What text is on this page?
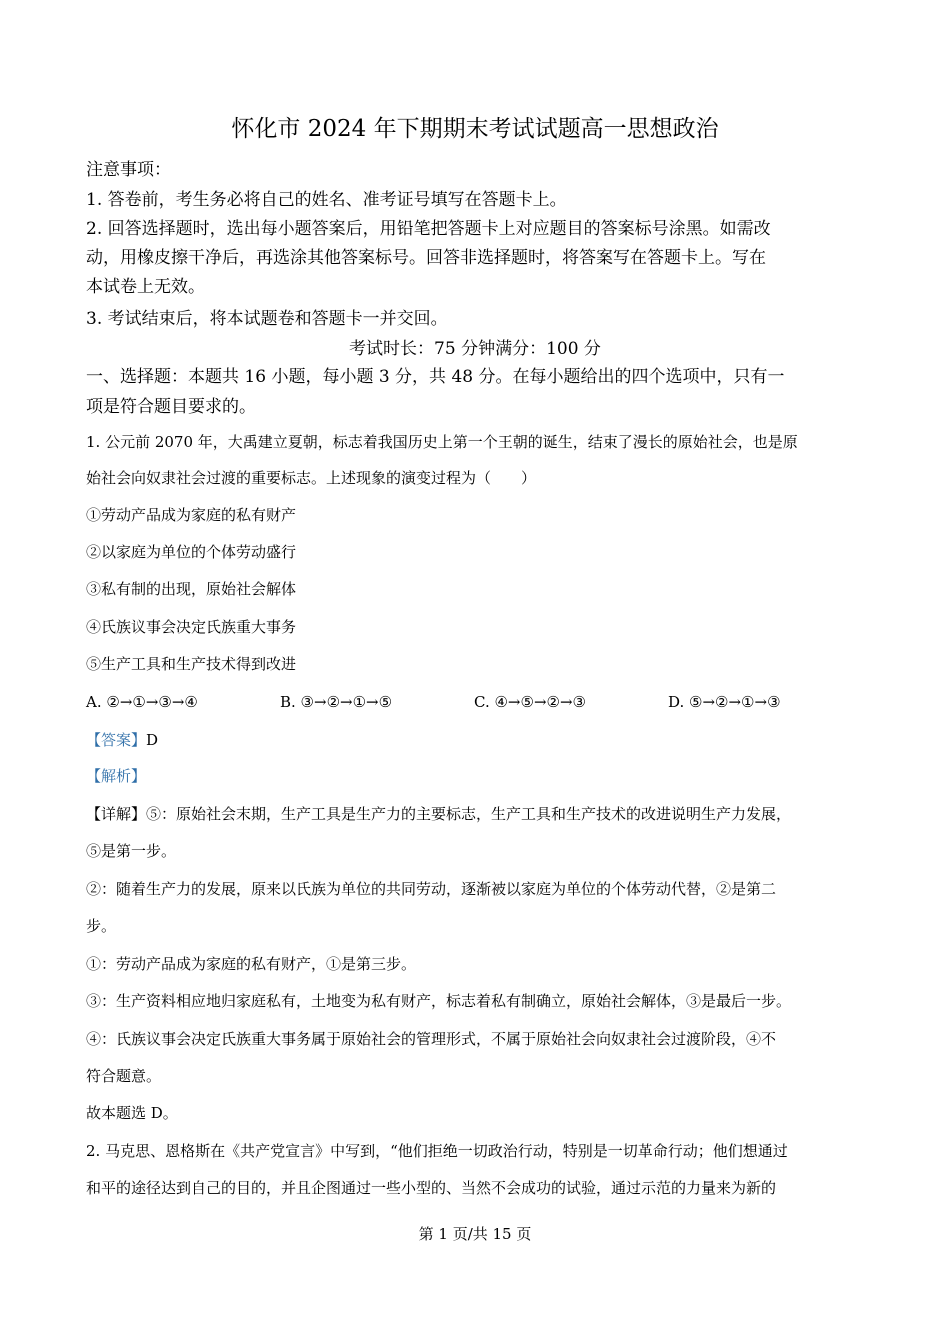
怀化市 2024 年下期期末考试试题高一思想政治
注意事项：
1. 答卷前，考生务必将自己的姓名、准考证号填写在答题卡上。
2. 回答选择题时，选出每小题答案后，用铅笔把答题卡上对应题目的答案标号涂黑。如需改
动，用橡皮擦干净后，再选涂其他答案标号。回答非选择题时，将答案写在答题卡上。写在
本试卷上无效。
3. 考试结束后，将本试题卷和答题卡一并交回。
考试时长：75 分钟满分：100 分
一、选择题：本题共 16 小题，每小题 3 分，共 48 分。在每小题给出的四个选项中，只有一
项是符合题目要求的。
1. 公元前 2070 年，大禹建立夏朝，标志着我国历史上第一个王朝的诞生，结束了漫长的原始社会，也是原
始社会向奴隶社会过渡的重要标志。上述现象的演变过程为（　　）
①劳动产品成为家庭的私有财产
②以家庭为单位的个体劳动盛行
③私有制的出现，原始社会解体
④氏族议事会决定氏族重大事务
⑤生产工具和生产技术得到改进
A. ②→①→③→④	B. ③→②→①→⑤	C. ④→⑤→②→③	D. ⑤→②→①→③
【答案】D
【解析】
【详解】⑤：原始社会末期，生产工具是生产力的主要标志，生产工具和生产技术的改进说明生产力发展，
⑤是第一步。
②：随着生产力的发展，原来以氏族为单位的共同劳动，逐渐被以家庭为单位的个体劳动代替，②是第二
步。
①：劳动产品成为家庭的私有财产，①是第三步。
③：生产资料相应地归家庭私有，土地变为私有财产，标志着私有制确立，原始社会解体，③是最后一步。
④：氏族议事会决定氏族重大事务属于原始社会的管理形式，不属于原始社会向奴隶社会过渡阶段，④不
符合题意。
故本题选 D。
2. 马克思、恩格斯在《共产党宣言》中写到，“他们拒绝一切政治行动，特别是一切革命行动；他们想通过
和平的途径达到自己的目的，并且企图通过一些小型的、当然不会成功的试验，通过示范的力量来为新的
第 1 页/共 15 页
